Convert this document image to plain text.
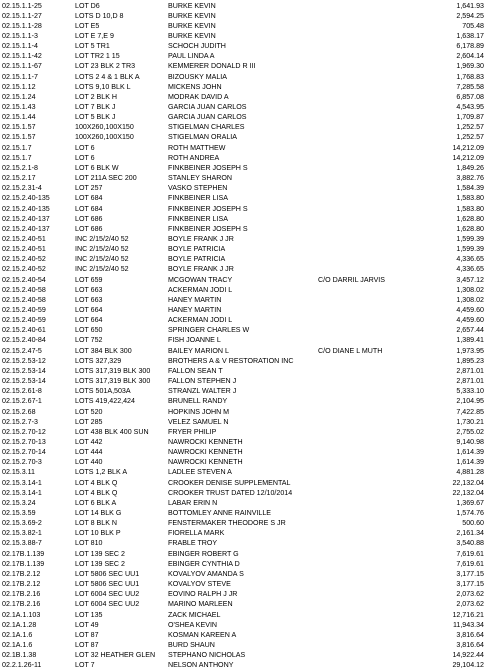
02.15.1.1-25	LOT D6	BURKE KEVIN	1,641.93
02.15.1.1-27	LOTS D 10,D 8	BURKE KEVIN	2,594.25
02.15.1.1-28	LOT E5	BURKE KEVIN	705.48
02.15.1.1-3	LOT E 7,E 9	BURKE KEVIN	1,638.17
02.15.1.1-4	LOT 5 TR1	SCHOCH JUDITH	6,178.89
02.15.1.1-42	LOT TR2 1 15	PAUL LINDA A	2,604.14
02.15.1.1-67	LOT 23 BLK 2 TR3	KEMMERER DONALD R III	1,969.30
02.15.1.1-7	LOTS 2 4 & 1 BLK A	BIZOUSKY MALIA	1,768.83
02.15.1.12	LOTS 9,10 BLK L	MICKENS JOHN	7,285.58
02.15.1.24	LOT 2 BLK H	MODRAK DAVID A	6,857.08
02.15.1.43	LOT 7 BLK J	GARCIA JUAN CARLOS	4,543.95
02.15.1.44	LOT 5 BLK J	GARCIA JUAN CARLOS	1,709.87
02.15.1.57	100X260,100X150	STIGELMAN CHARLES	1,252.57
02.15.1.57	100X260,100X150	STIGELMAN ORALIA	1,252.57
02.15.1.7	LOT 6	ROTH MATTHEW	14,212.09
02.15.1.7	LOT 6	ROTH ANDREA	14,212.09
02.15.2.1-8	LOT 6 BLK W	FINKBEINER JOSEPH S	1,849.26
02.15.2.17	LOT 211A SEC 200	STANLEY SHARON	3,882.76
02.15.2.31-4	LOT 257	VASKO STEPHEN	1,584.39
02.15.2.40-135	LOT 684	FINKBEINER LISA	1,583.80
02.15.2.40-135	LOT 684	FINKBEINER JOSEPH S	1,583.80
02.15.2.40-137	LOT 686	FINKBEINER LISA	1,628.80
02.15.2.40-137	LOT 686	FINKBEINER JOSEPH S	1,628.80
02.15.2.40-51	INC 2/15/2/40 52	BOYLE FRANK J JR	1,599.39
02.15.2.40-51	INC 2/15/2/40 52	BOYLE PATRICIA	1,599.39
02.15.2.40-52	INC 2/15/2/40 52	BOYLE PATRICIA	4,336.65
02.15.2.40-52	INC 2/15/2/40 52	BOYLE FRANK J JR	4,336.65
02.15.2.40-54	LOT 659	MCGOWAN TRACY	C/O DARRIL JARVIS	3,457.12
02.15.2.40-58	LOT 663	ACKERMAN JODI L	1,308.02
02.15.2.40-58	LOT 663	HANEY MARTIN	1,308.02
02.15.2.40-59	LOT 664	HANEY MARTIN	4,459.60
02.15.2.40-59	LOT 664	ACKERMAN JODI L	4,459.60
02.15.2.40-61	LOT 650	SPRINGER CHARLES W	2,657.44
02.15.2.40-84	LOT 752	FISH JOANNE L	1,389.41
02.15.2.47-5	LOT 384 BLK 300	BAILEY MARION L	C/O DIANE L MUTH	1,973.95
02.15.2.53-12	LOTS 327,329	BROTHERS A & V RESTORATION INC	1,895.23
02.15.2.53-14	LOTS 317,319 BLK 300	FALLON SEAN T	2,871.01
02.15.2.53-14	LOTS 317,319 BLK 300	FALLON STEPHEN J	2,871.01
02.15.2.61-8	LOTS 501A,503A	STRANZL WALTER J	5,333.10
02.15.2.67-1	LOTS 419,422,424	BRUNELL RANDY	2,104.95
02.15.2.68	LOT 520	HOPKINS JOHN M	7,422.85
02.15.2.7-3	LOT 285	VELEZ SAMUEL N	1,730.21
02.15.2.70-12	LOT 438 BLK 400 SUN	FRYER PHILIP	2,755.02
02.15.2.70-13	LOT 442	NAWROCKI KENNETH	9,140.98
02.15.2.70-14	LOT 444	NAWROCKI KENNETH	1,614.39
02.15.2.70-3	LOT 440	NAWROCKI KENNETH	1,614.39
02.15.3.11	LOTS 1,2 BLK A	LADLEE STEVEN A	4,881.28
02.15.3.14-1	LOT 4 BLK Q	CROOKER DENISE SUPPLEMENTAL	22,132.04
02.15.3.14-1	LOT 4 BLK Q	CROOKER TRUST DATED 12/10/2014	22,132.04
02.15.3.24	LOT 6 BLK A	LABAR ERIN N	1,369.67
02.15.3.59	LOT 14 BLK G	BOTTOMLEY ANNE RAINVILLE	1,574.76
02.15.3.69-2	LOT 8 BLK N	FENSTERMAKER THEODORE S JR	500.60
02.15.3.82-1	LOT 10 BLK P	FIORELLA MARK	2,161.34
02.15.3.88-7	LOT 810	FRABLE TROY	3,540.88
02.17B.1.139	LOT 139 SEC 2	EBINGER ROBERT G	7,619.61
02.17B.1.139	LOT 139 SEC 2	EBINGER CYNTHIA D	7,619.61
02.17B.2.12	LOT 5806 SEC UU1	KOVALYOV AMANDA S	3,177.15
02.17B.2.12	LOT 5806 SEC UU1	KOVALYOV STEVE	3,177.15
02.17B.2.16	LOT 6004 SEC UU2	EOVINO RALPH J JR	2,073.62
02.17B.2.16	LOT 6004 SEC UU2	MARINO MARLEEN	2,073.62
02.1A.1.103	LOT 135	ZACK MICHAEL	12,716.21
02.1A.1.28	LOT 49	O'SHEA KEVIN	11,943.34
02.1A.1.6	LOT 87	KOSMAN KAREEN A	3,816.64
02.1A.1.6	LOT 87	BURD SHAUN	3,816.64
02.1B.1.38	LOT 32 HEATHER GLEN	STEPHANO NICHOLAS	14,922.44
02.2.1.26-11	LOT 7	NELSON ANTHONY	29,104.12
